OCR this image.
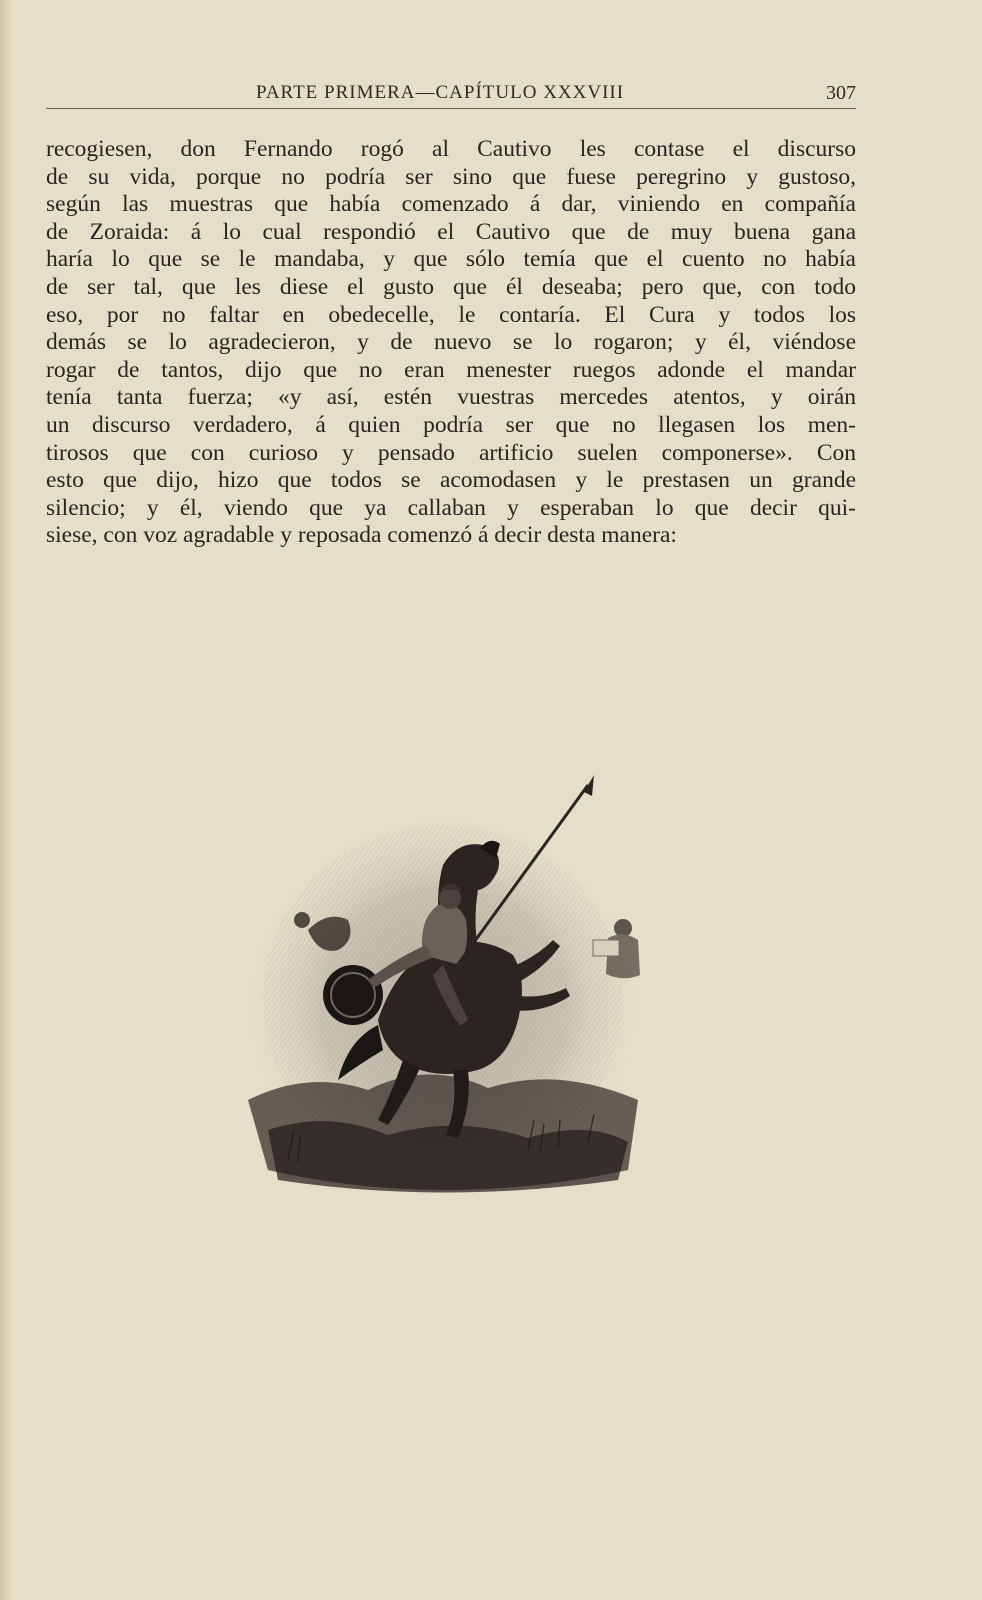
PARTE PRIMERA—CAPÍTULO XXXVIII	307
recogiesen, don Fernando rogó al Cautivo les contase el discurso
de su vida, porque no podría ser sino que fuese peregrino y gustoso,
según las muestras que había comenzado á dar, viniendo en compañía
de Zoraida: á lo cual respondió el Cautivo que de muy buena gana
haría lo que se le mandaba, y que sólo temía que el cuento no había
de ser tal, que les diese el gusto que él deseaba; pero que, con todo
eso, por no faltar en obedecelle, le contaría. El Cura y todos los
demás se lo agradecieron, y de nuevo se lo rogaron; y él, viéndose
rogar de tantos, dijo que no eran menester ruegos adonde el mandar
tenía tanta fuerza; «y así, estén vuestras mercedes atentos, y oirán
un discurso verdadero, á quien podría ser que no llegasen los men-
tirosos que con curioso y pensado artificio suelen componerse». Con
esto que dijo, hizo que todos se acomodasen y le prestasen un grande
silencio; y él, viendo que ya callaban y esperaban lo que decir qui-
siese, con voz agradable y reposada comenzó á decir desta manera:
